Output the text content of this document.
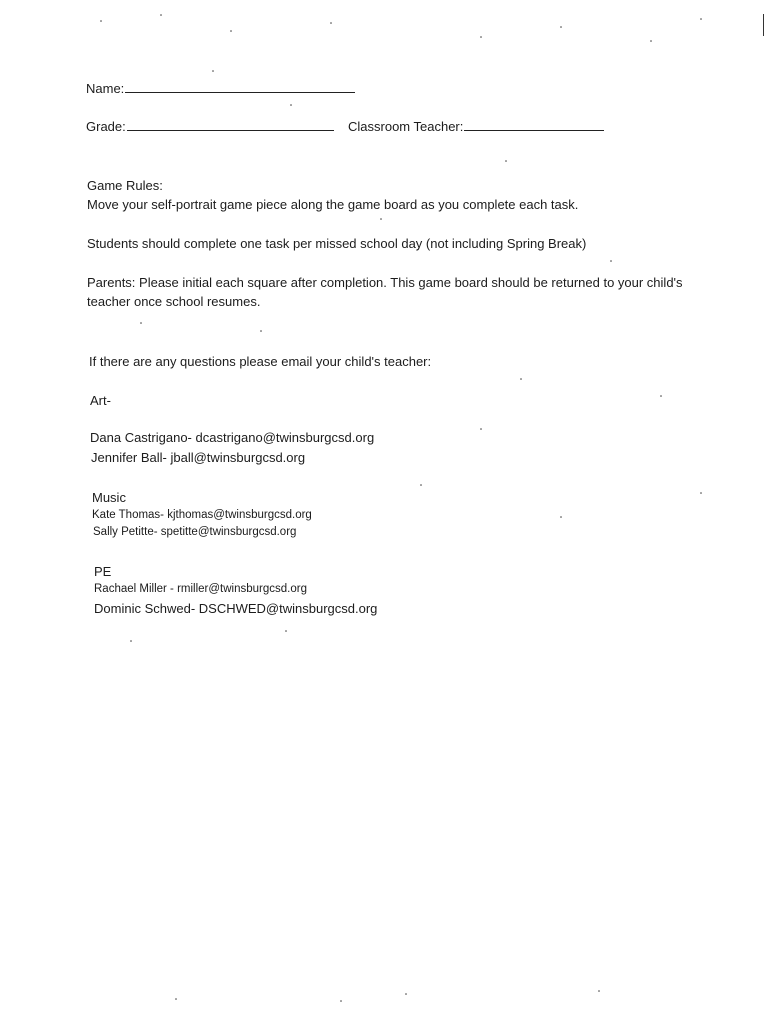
Name:
Grade:	Classroom Teacher:
Game Rules:
Move your self-portrait game piece along the game board as you complete each task.
Students should complete one task per missed school day (not including Spring Break)
Parents: Please initial each square after completion. This game board should be returned to your child's
teacher once school resumes.
If there are any questions please email your child's teacher:
Art-
Dana Castrigano- dcastrigano@twinsburgcsd.org
Jennifer Ball- jball@twinsburgcsd.org
Music
Kate Thomas- kjthomas@twinsburgcsd.org
Sally Petitte- spetitte@twinsburgcsd.org
PE
Rachael Miller - rmiller@twinsburgcsd.org
Dominic Schwed- DSCHWED@twinsburgcsd.org
